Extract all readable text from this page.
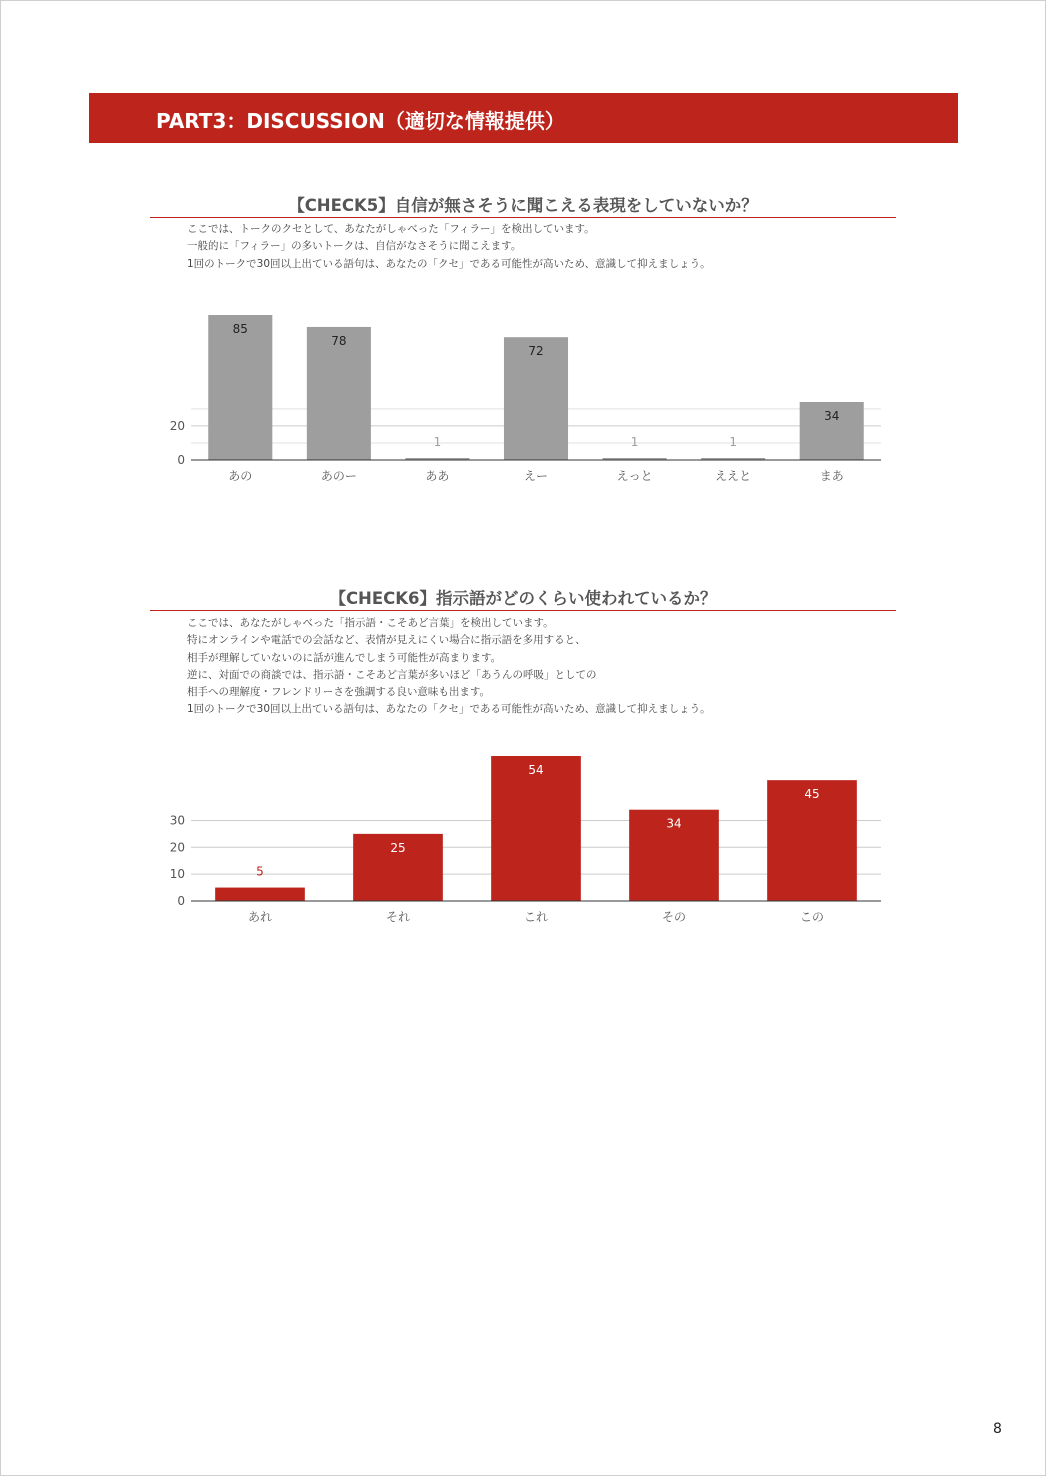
PART3：DISCUSSION（適切な情報提供）
【CHECK5】自信が無さそうに聞こえる表現をしていないか？
ここでは、トークのクセとして、あなたがしゃべった「フィラー」を検出しています。
一般的に「フィラー」の多いトークは、自信がなさそうに聞こえます。
1回のトークで30回以上出ている語句は、あなたの「クセ」である可能性が高いため、意識して抑えましょう。
0
20
85
あの
78
あのー
1
ああ
72
えー
1
えっと
1
ええと
34
まあ
【CHECK6】指示語がどのくらい使われているか？
ここでは、あなたがしゃべった「指示語・こそあど言葉」を検出しています。
特にオンラインや電話での会話など、表情が見えにくい場合に指示語を多用すると、
相手が理解していないのに話が進んでしまう可能性が高まります。
逆に、対面での商談では、指示語・こそあど言葉が多いほど「あうんの呼吸」としての
相手への理解度・フレンドリーさを強調する良い意味も出ます。
1回のトークで30回以上出ている語句は、あなたの「クセ」である可能性が高いため、意識して抑えましょう。
0
10
20
30
5
あれ
25
それ
54
これ
34
その
45
この
8
